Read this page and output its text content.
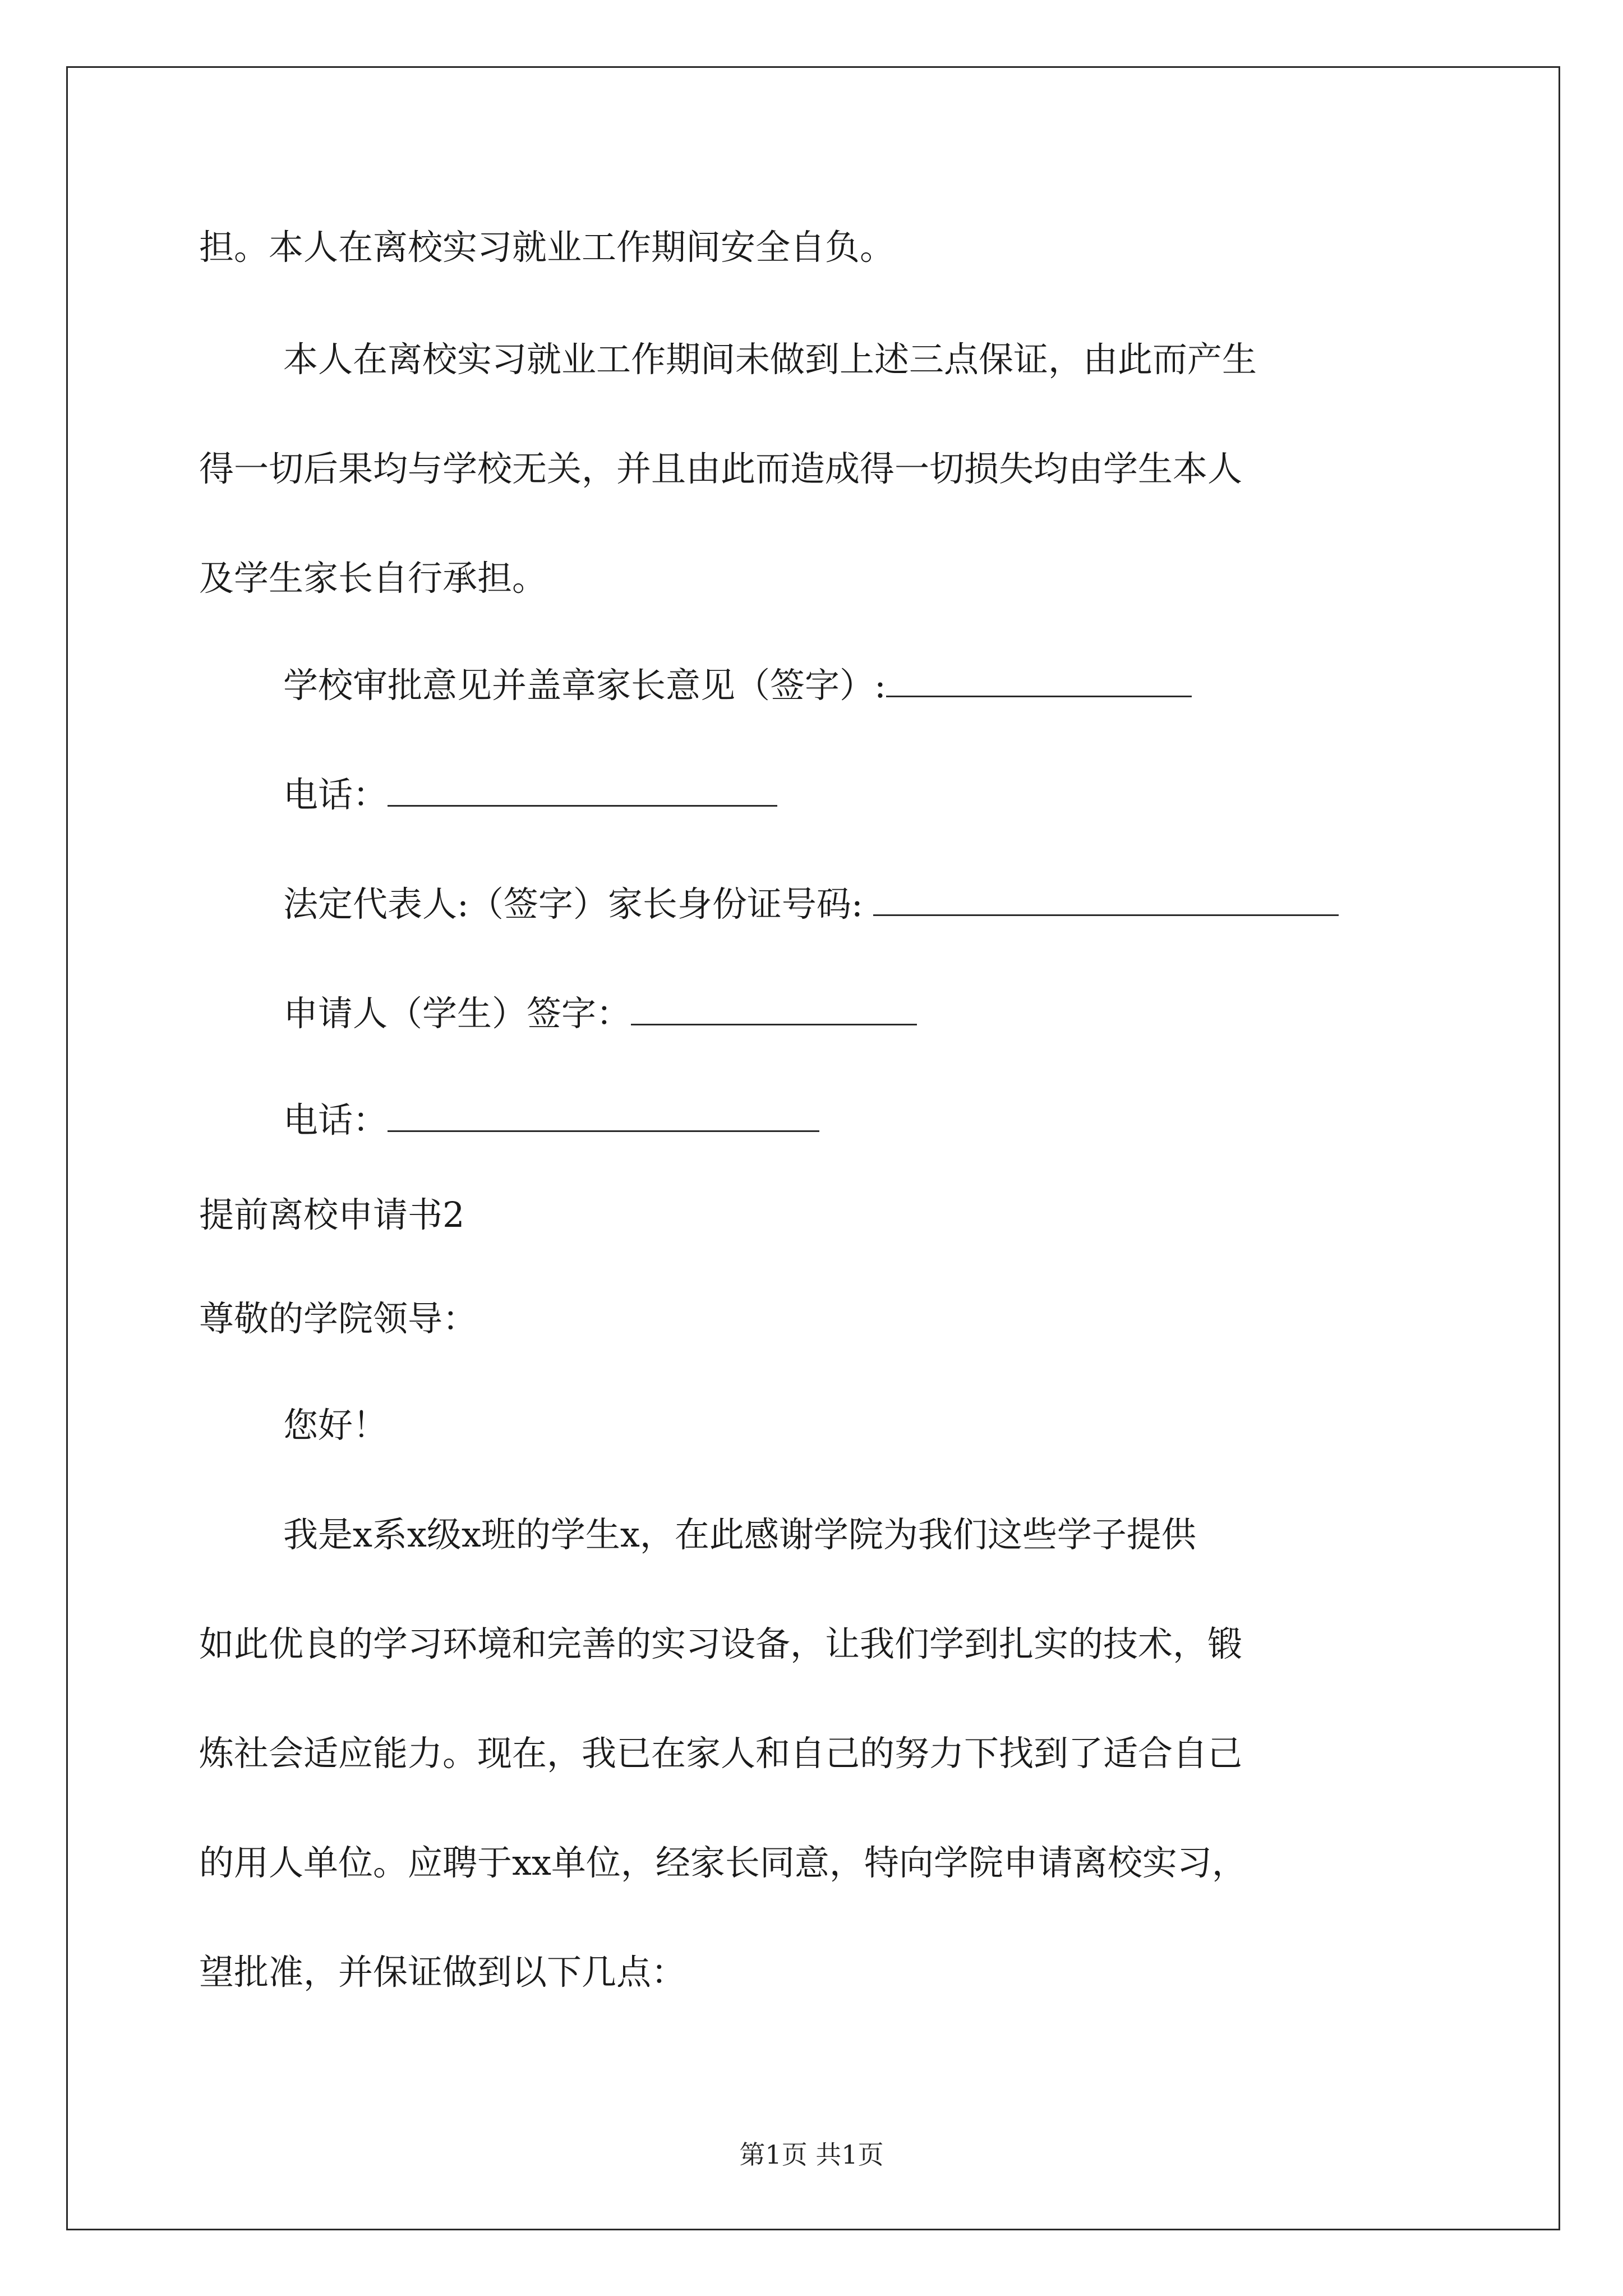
担。本人在离校实习就业工作期间安全自负。
本人在离校实习就业工作期间未做到上述三点保证，由此而产生
得一切后果均与学校无关，并且由此而造成得一切损失均由学生本人
及学生家长自行承担。
学校审批意见并盖章家长意见（签字）:
电话：
法定代表人:（签字）家长身份证号码:
申请人（学生）签字：
电话：
提前离校申请书2
尊敬的学院领导：
您好！
我是x系x级x班的学生x，在此感谢学院为我们这些学子提供
如此优良的学习环境和完善的实习设备，让我们学到扎实的技术，锻
炼社会适应能力。现在，我已在家人和自己的努力下找到了适合自己
的用人单位。应聘于xx单位，经家长同意，特向学院申请离校实习，
望批准，并保证做到以下几点：
第1页 共1页
